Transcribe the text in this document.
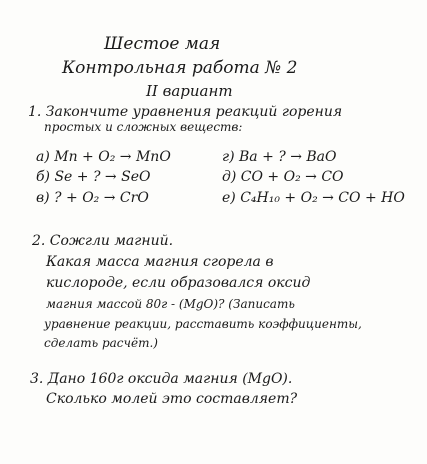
Шестое мая
Контрольная работа № 2
II вариант
1. Закончите уравнения реакций горения
простых и сложных веществ:
а) Mn + O₂ → MnO
б) Se + ? → SeO
в) ? + O₂ → CrO
г) Ba + ? → BaO
д) CO + O₂ → CO
е) C₄H₁₀ + O₂ → CO + HO
2. Сожгли магний.
Какая масса магния сгорела в
кислороде, если образовался оксид
магния массой 80г - (MgO)? (Записать
уравнение реакции, расставить коэффициенты,
сделать расчёт.)
3. Дано 160г оксида магния (MgO).
Сколько молей это составляет?
